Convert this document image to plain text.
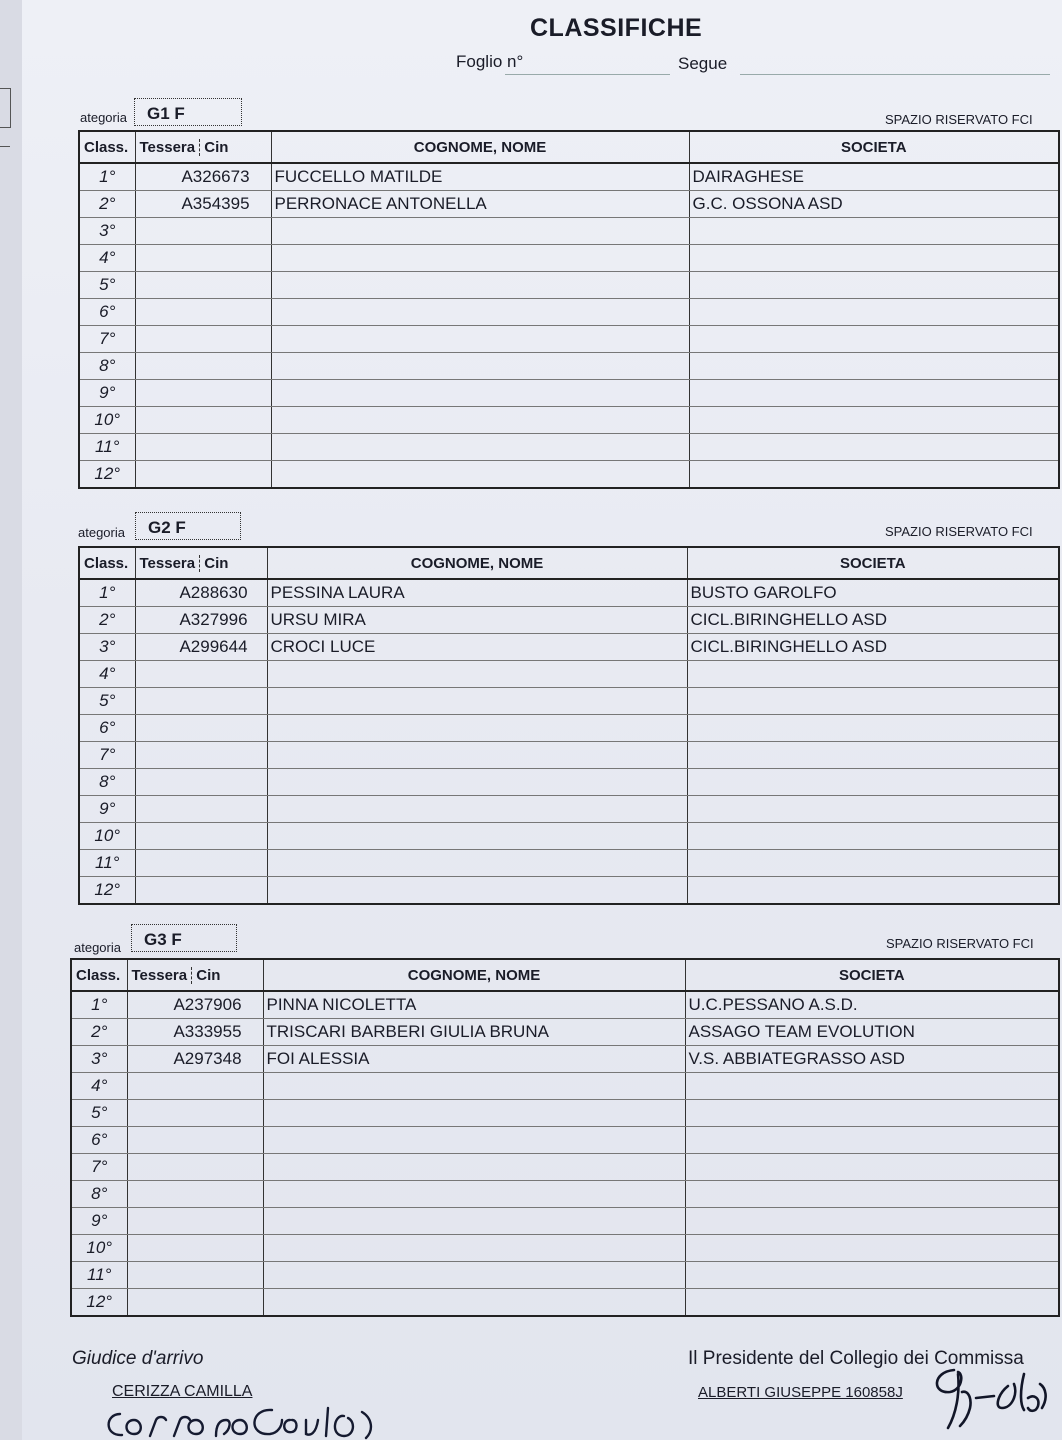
CLASSIFICHE
Foglio n°	Segue
ategoria	G1 F	SPAZIO RISERVATO FCI
Class.	Tessera Cin	COGNOME, NOME	SOCIETA
1°	A326673	FUCCELLO MATILDE	DAIRAGHESE
2°	A354395	PERRONACE ANTONELLA	G.C. OSSONA ASD
3°			
4°			
5°			
6°			
7°			
8°			
9°			
10°			
11°			
12°			
ategoria	G2 F	SPAZIO RISERVATO FCI
Class.	Tessera Cin	COGNOME, NOME	SOCIETA
1°	A288630	PESSINA LAURA	BUSTO GAROLFO
2°	A327996	URSU MIRA	CICL.BIRINGHELLO ASD
3°	A299644	CROCI LUCE	CICL.BIRINGHELLO ASD
4°			
5°			
6°			
7°			
8°			
9°			
10°			
11°			
12°			
ategoria	G3 F	SPAZIO RISERVATO FCI
Class.	Tessera Cin	COGNOME, NOME	SOCIETA
1°	A237906	PINNA NICOLETTA	U.C.PESSANO A.S.D.
2°	A333955	TRISCARI BARBERI GIULIA BRUNA	ASSAGO TEAM EVOLUTION
3°	A297348	FOI ALESSIA	V.S. ABBIATEGRASSO ASD
4°			
5°			
6°			
7°			
8°			
9°			
10°			
11°			
12°			
Giudice d'arrivo
CERIZZA CAMILLA
Il Presidente del Collegio dei Commissa
ALBERTI GIUSEPPE 160858J
